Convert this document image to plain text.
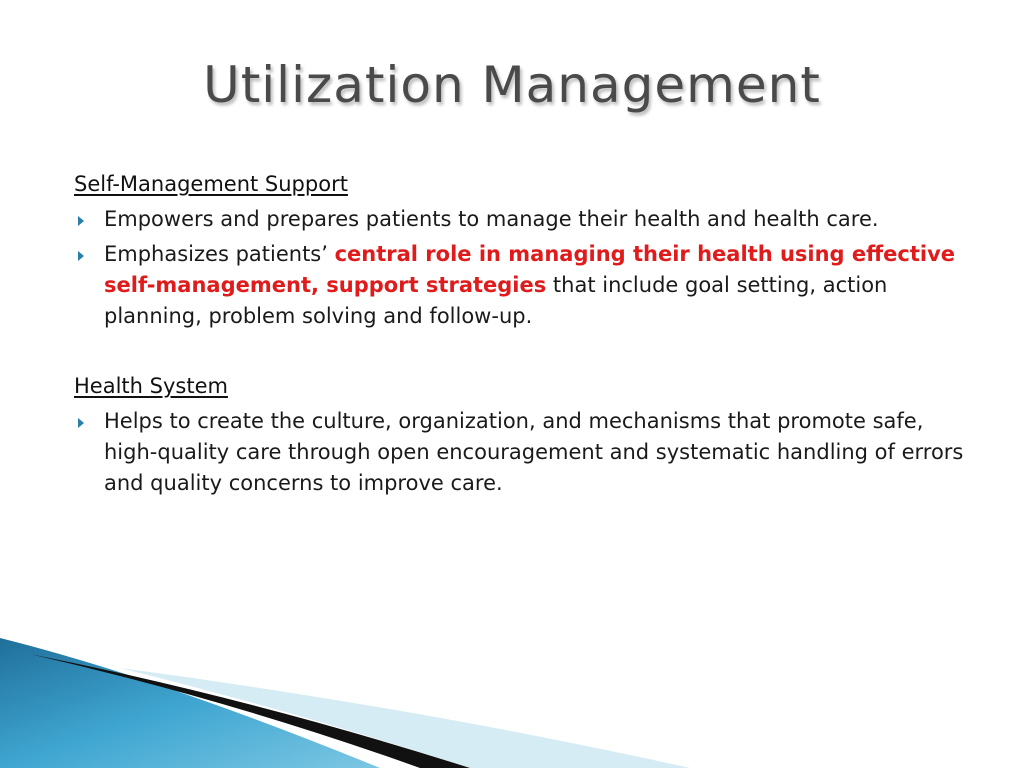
Utilization Management
Self-Management Support
Empowers and prepares patients to manage their health and health care.
Emphasizes patients’ central role in managing their health using effective self-management, support strategies that include goal setting, action planning, problem solving and follow-up.
Health System
Helps to create the culture, organization, and mechanisms that promote safe, high-quality care through open encouragement and systematic handling of errors and quality concerns to improve care.
